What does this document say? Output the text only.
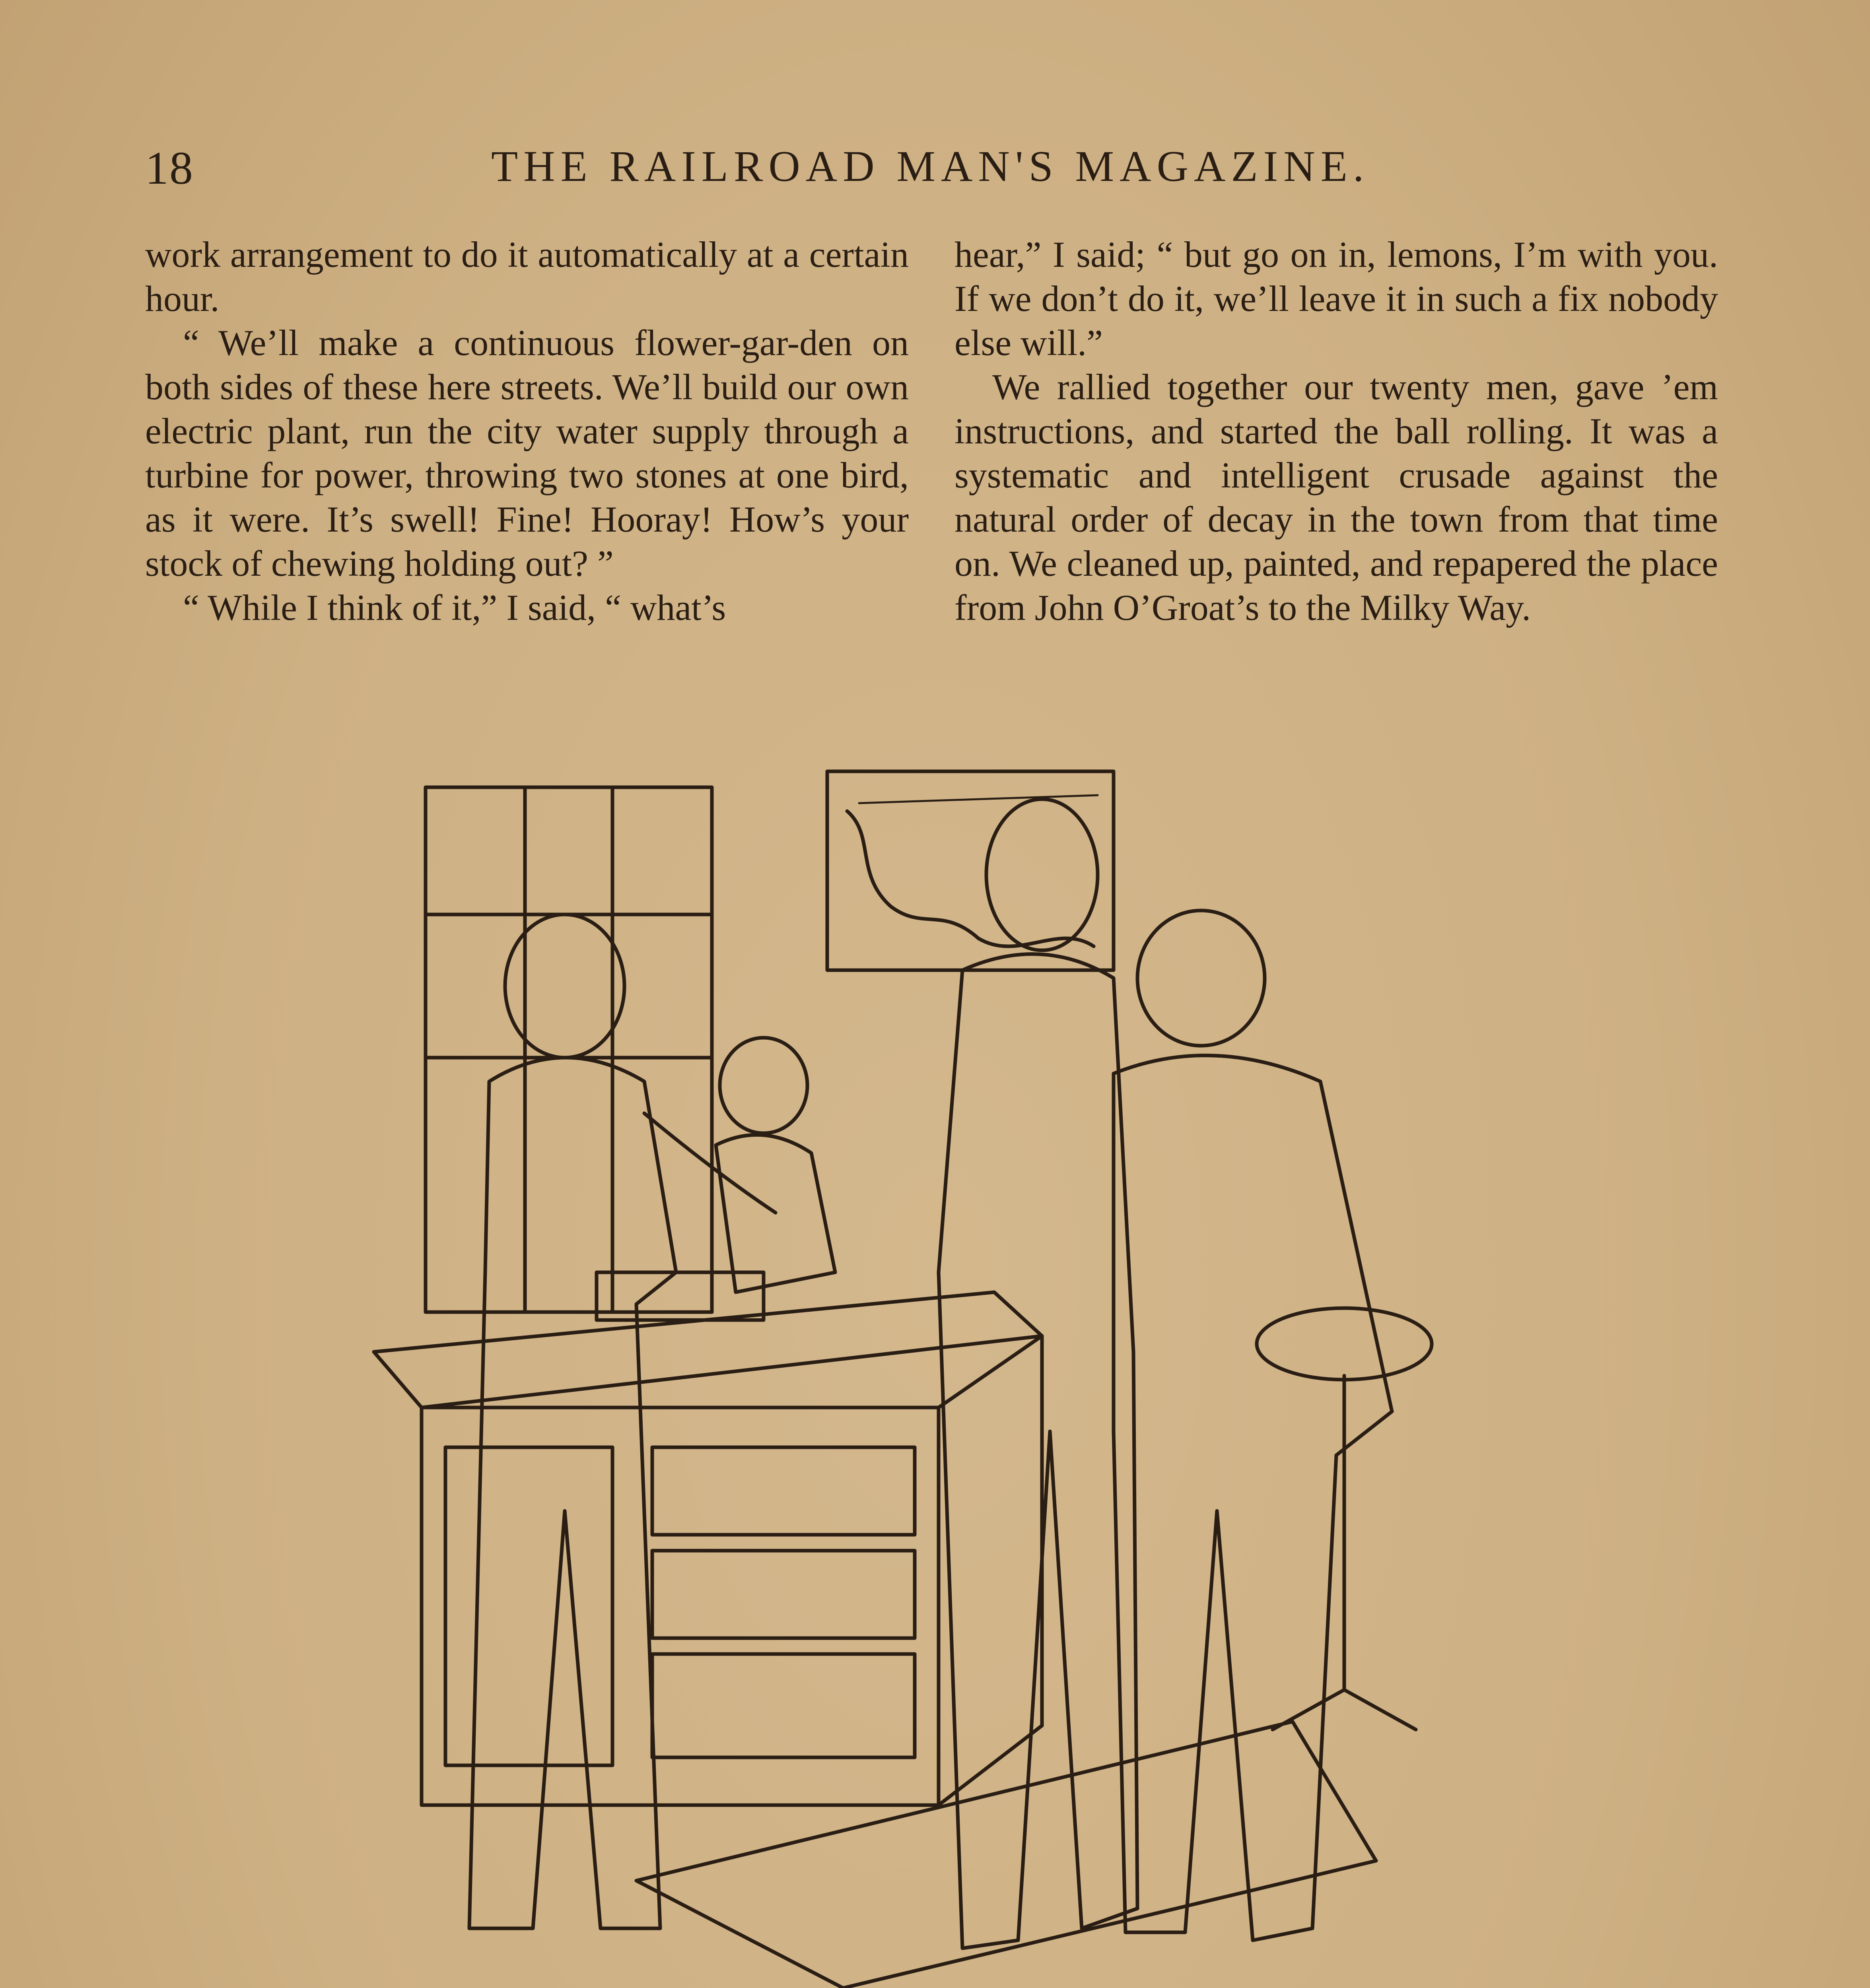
18	THE RAILROAD MAN'S MAGAZINE.

work arrangement to do it automatically at a certain hour.

“ We’ll make a continuous flower-gar-den on both sides of these here streets. We’ll build our own electric plant, run the city water supply through a turbine for power, throwing two stones at one bird, as it were. It’s swell! Fine! Hooray! How’s your stock of chewing holding out? ”

“ While I think of it,” I said, “ what’s

hear,” I said; “ but go on in, lemons, I’m with you. If we don’t do it, we’ll leave it in such a fix nobody else will.”

We rallied together our twenty men, gave ’em instructions, and started the ball rolling. It was a systematic and intelligent crusade against the natural order of decay in the town from that time on. We cleaned up, painted, and repapered the place from John O’Groat’s to the Milky Way.
